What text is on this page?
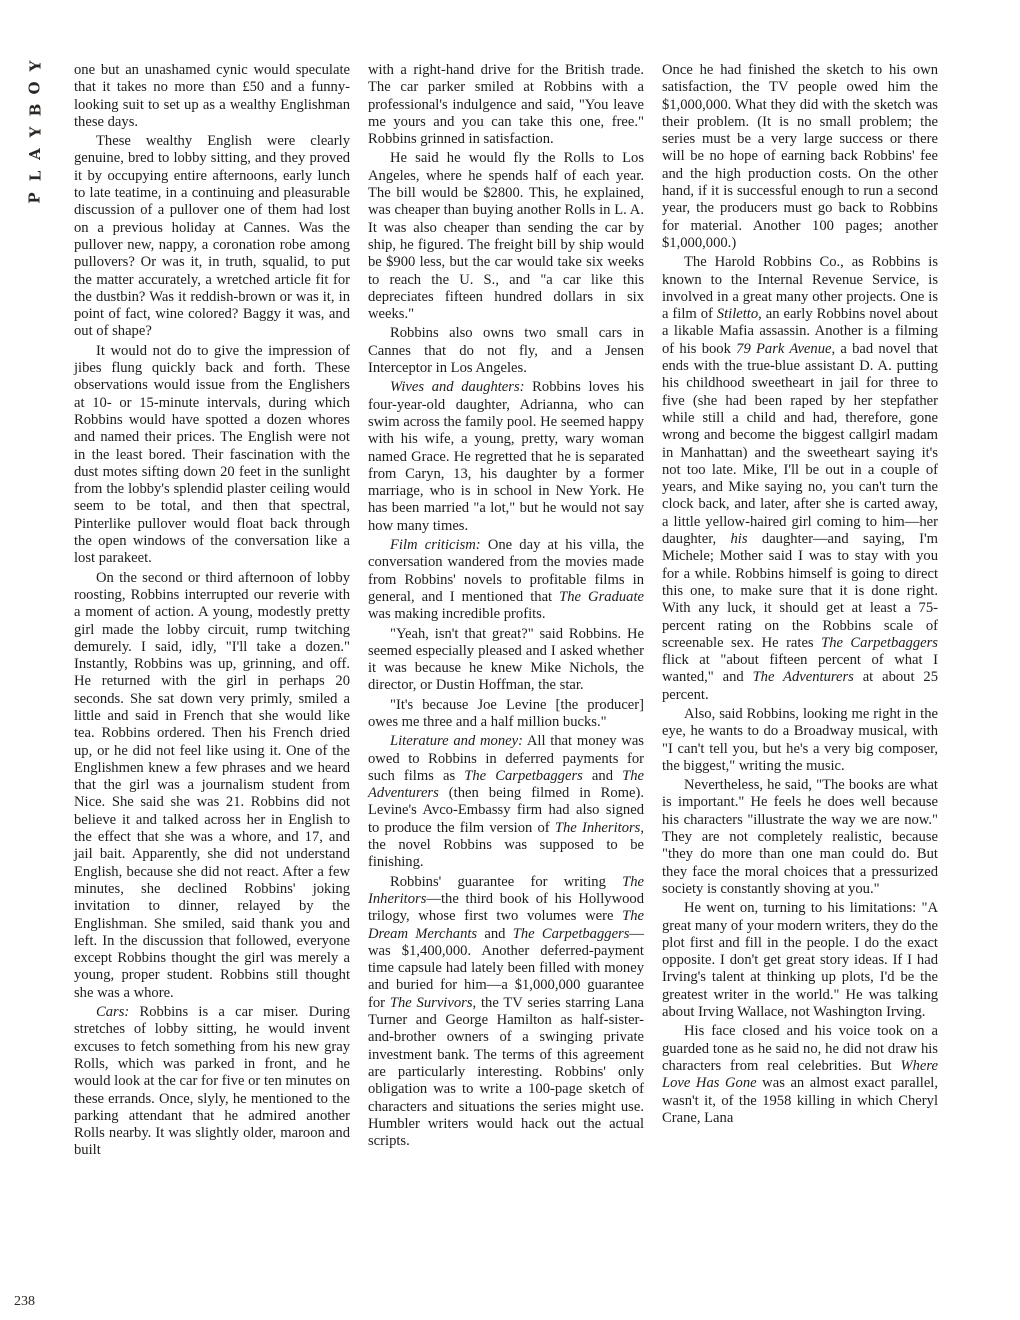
Y
O
B
Y
A
L
P

one but an unashamed cynic would speculate that it takes no more than £50 and a funny-looking suit to set up as a wealthy Englishman these days.

These wealthy English were clearly genuine, bred to lobby sitting, and they proved it by occupying entire afternoons, early lunch to late teatime, in a continuing and pleasurable discussion of a pullover one of them had lost on a previous holiday at Cannes. Was the pullover new, nappy, a coronation robe among pullovers? Or was it, in truth, squalid, to put the matter accurately, a wretched article fit for the dustbin? Was it reddish-brown or was it, in point of fact, wine colored? Baggy it was, and out of shape?

It would not do to give the impression of jibes flung quickly back and forth. These observations would issue from the Englishers at 10- or 15-minute intervals, during which Robbins would have spotted a dozen whores and named their prices. The English were not in the least bored. Their fascination with the dust motes sifting down 20 feet in the sunlight from the lobby's splendid plaster ceiling would seem to be total, and then that spectral, Pinterlike pullover would float back through the open windows of the conversation like a lost parakeet.

On the second or third afternoon of lobby roosting, Robbins interrupted our reverie with a moment of action. A young, modestly pretty girl made the lobby circuit, rump twitching demurely. I said, idly, "I'll take a dozen." Instantly, Robbins was up, grinning, and off. He returned with the girl in perhaps 20 seconds. She sat down very primly, smiled a little and said in French that she would like tea. Robbins ordered. Then his French dried up, or he did not feel like using it. One of the Englishmen knew a few phrases and we heard that the girl was a journalism student from Nice. She said she was 21. Robbins did not believe it and talked across her in English to the effect that she was a whore, and 17, and jail bait. Apparently, she did not understand English, because she did not react. After a few minutes, she declined Robbins' joking invitation to dinner, relayed by the Englishman. She smiled, said thank you and left. In the discussion that followed, everyone except Robbins thought the girl was merely a young, proper student. Robbins still thought she was a whore.

Cars: Robbins is a car miser. During stretches of lobby sitting, he would invent excuses to fetch something from his new gray Rolls, which was parked in front, and he would look at the car for five or ten minutes on these errands. Once, slyly, he mentioned to the parking attendant that he admired another Rolls nearby. It was slightly older, maroon and built

with a right-hand drive for the British trade. The car parker smiled at Robbins with a professional's indulgence and said, "You leave me yours and you can take this one, free." Robbins grinned in satisfaction.

He said he would fly the Rolls to Los Angeles, where he spends half of each year. The bill would be $2800. This, he explained, was cheaper than buying another Rolls in L. A. It was also cheaper than sending the car by ship, he figured. The freight bill by ship would be $900 less, but the car would take six weeks to reach the U. S., and "a car like this depreciates fifteen hundred dollars in six weeks."

Robbins also owns two small cars in Cannes that do not fly, and a Jensen Interceptor in Los Angeles.

Wives and daughters: Robbins loves his four-year-old daughter, Adrianna, who can swim across the family pool. He seemed happy with his wife, a young, pretty, wary woman named Grace. He regretted that he is separated from Caryn, 13, his daughter by a former marriage, who is in school in New York. He has been married "a lot," but he would not say how many times.

Film criticism: One day at his villa, the conversation wandered from the movies made from Robbins' novels to profitable films in general, and I mentioned that The Graduate was making incredible profits.

"Yeah, isn't that great?" said Robbins. He seemed especially pleased and I asked whether it was because he knew Mike Nichols, the director, or Dustin Hoffman, the star.

"It's because Joe Levine [the producer] owes me three and a half million bucks."

Literature and money: All that money was owed to Robbins in deferred payments for such films as The Carpetbaggers and The Adventurers (then being filmed in Rome). Levine's Avco-Embassy firm had also signed to produce the film version of The Inheritors, the novel Robbins was supposed to be finishing.

Robbins' guarantee for writing The Inheritors—the third book of his Hollywood trilogy, whose first two volumes were The Dream Merchants and The Carpetbaggers—was $1,400,000. Another deferred-payment time capsule had lately been filled with money and buried for him—a $1,000,000 guarantee for The Survivors, the TV series starring Lana Turner and George Hamilton as half-sister-and-brother owners of a swinging private investment bank. The terms of this agreement are particularly interesting. Robbins' only obligation was to write a 100-page sketch of characters and situations the series might use. Humbler writers would hack out the actual scripts.

Once he had finished the sketch to his own satisfaction, the TV people owed him the $1,000,000. What they did with the sketch was their problem. (It is no small problem; the series must be a very large success or there will be no hope of earning back Robbins' fee and the high production costs. On the other hand, if it is successful enough to run a second year, the producers must go back to Robbins for material. Another 100 pages; another $1,000,000.)

The Harold Robbins Co., as Robbins is known to the Internal Revenue Service, is involved in a great many other projects. One is a film of Stiletto, an early Robbins novel about a likable Mafia assassin. Another is a filming of his book 79 Park Avenue, a bad novel that ends with the true-blue assistant D. A. putting his childhood sweetheart in jail for three to five (she had been raped by her stepfather while still a child and had, therefore, gone wrong and become the biggest callgirl madam in Manhattan) and the sweetheart saying it's not too late. Mike, I'll be out in a couple of years, and Mike saying no, you can't turn the clock back, and later, after she is carted away, a little yellow-haired girl coming to him—her daughter, his daughter—and saying, I'm Michele; Mother said I was to stay with you for a while. Robbins himself is going to direct this one, to make sure that it is done right. With any luck, it should get at least a 75-percent rating on the Robbins scale of screenable sex. He rates The Carpetbaggers flick at "about fifteen percent of what I wanted," and The Adventurers at about 25 percent.

Also, said Robbins, looking me right in the eye, he wants to do a Broadway musical, with "I can't tell you, but he's a very big composer, the biggest," writing the music.

Nevertheless, he said, "The books are what is important." He feels he does well because his characters "illustrate the way we are now." They are not completely realistic, because "they do more than one man could do. But they face the moral choices that a pressurized society is constantly shoving at you."

He went on, turning to his limitations: "A great many of your modern writers, they do the plot first and fill in the people. I do the exact opposite. I don't get great story ideas. If I had Irving's talent at thinking up plots, I'd be the greatest writer in the world." He was talking about Irving Wallace, not Washington Irving.

His face closed and his voice took on a guarded tone as he said no, he did not draw his characters from real celebrities. But Where Love Has Gone was an almost exact parallel, wasn't it, of the 1958 killing in which Cheryl Crane, Lana

238
